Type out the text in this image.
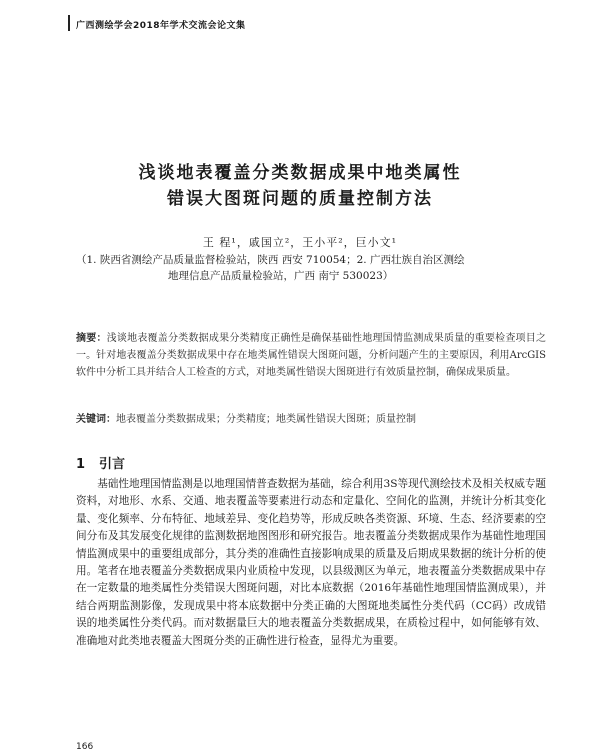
广西测绘学会2018年学术交流会论文集
浅谈地表覆盖分类数据成果中地类属性
错误大图斑问题的质量控制方法
王 程¹，戚国立²，王小平²，巨小文¹
（1. 陕西省测绘产品质量监督检验站，陕西 西安 710054；2. 广西壮族自治区测绘
地理信息产品质量检验站，广西 南宁 530023）
摘要：浅谈地表覆盖分类数据成果分类精度正确性是确保基础性地理国情监测成果质量的重要检查项目之一。针对地表覆盖分类数据成果中存在地类属性错误大图斑问题，分析问题产生的主要原因，利用ArcGIS软件中分析工具并结合人工检查的方式，对地类属性错误大图斑进行有效质量控制，确保成果质量。
关键词：地表覆盖分类数据成果；分类精度；地类属性错误大图斑；质量控制
1 引言
基础性地理国情监测是以地理国情普查数据为基础，综合利用3S等现代测绘技术及相关权威专题资料，对地形、水系、交通、地表覆盖等要素进行动态和定量化、空间化的监测，并统计分析其变化量、变化频率、分布特征、地域差异、变化趋势等，形成反映各类资源、环境、生态、经济要素的空间分布及其发展变化规律的监测数据地图图形和研究报告。地表覆盖分类数据成果作为基础性地理国情监测成果中的重要组成部分，其分类的准确性直接影响成果的质量及后期成果数据的统计分析的使用。笔者在地表覆盖分类数据成果内业质检中发现，以县级测区为单元，地表覆盖分类数据成果中存在一定数量的地类属性分类错误大图斑问题，对比本底数据（2016年基础性地理国情监测成果），并结合两期监测影像，发现成果中将本底数据中分类正确的大图斑地类属性分类代码（CC码）改成错误的地类属性分类代码。而对数据量巨大的地表覆盖分类数据成果，在质检过程中，如何能够有效、准确地对此类地表覆盖大图斑分类的正确性进行检查，显得尤为重要。
166
